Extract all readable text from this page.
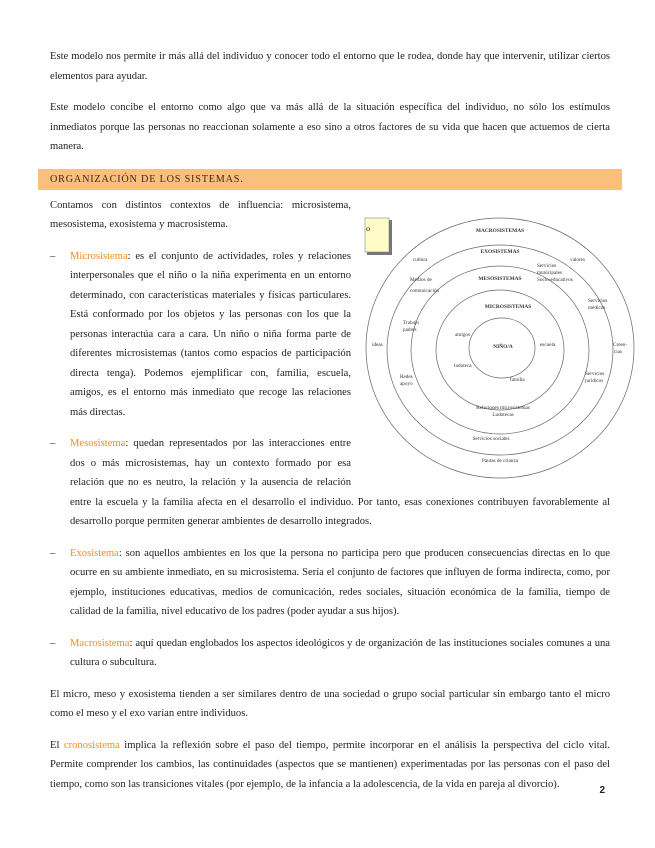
Este modelo nos permite ir más allá del individuo y conocer todo el entorno que le rodea, donde hay que intervenir, utilizar ciertos elementos para ayudar.

Este modelo concibe el entorno como algo que va más allá de la situación específica del individuo, no sólo los estímulos inmediatos porque las personas no reaccionan solamente a eso sino a otros factores de su vida que hacen que actuemos de cierta manera.

ORGANIZACIÓN DE LOS SISTEMAS.
O	MACROSISTEMAS
EXOSISTEMAS
MESOSISTEMAS
MICROSISTEMAS
NIÑO/A
cultura	valores
Medios de
comunicación
Servicios
municipales
Socio-educativos
Servicios
médicos
Trabajo
padres
ideas	Creen-
cias
amigos
escuela
ludoteca
familia
Redes
apoyo
Servicios
jurídicos
Relaciones microsistemas
Ludotecas
Servicios sociales
Pautas de crianza

Contamos con distintos contextos de influencia: microsistema, mesosistema, exosistema y macrosistema.

– Microsistema: es el conjunto de actividades, roles y relaciones interpersonales que el niño o la niña experimenta en un entorno determinado, con características materiales y físicas particulares. Está conformado por los objetos y las personas con los que la personas interactúa cara a cara. Un niño o niña forma parte de diferentes microsistemas (tantos como espacios de participación directa tenga). Podemos ejemplificar con, familia, escuela, amigos, es el entorno más inmediato que recoge las relaciones más directas.
– Mesosistema: quedan representados por las interacciones entre dos o más microsistemas, hay un contexto formado por esa relación que no es neutro, la relación y la ausencia de relación entre la escuela y la familia afecta en el desarrollo el individuo. Por tanto, esas conexiones contribuyen favorablemente al desarrollo porque permiten generar ambientes de desarrollo integrados.
– Exosistema: son aquellos ambientes en los que la persona no participa pero que producen consecuencias directas en lo que ocurre en su ambiente inmediato, en su microsistema. Sería el conjunto de factores que influyen de forma indirecta, como, por ejemplo, instituciones educativas, medios de comunicación, redes sociales, situación económica de la familia, tiempo de calidad de la familia, nivel educativo de los padres (poder ayudar a sus hijos).
– Macrosistema: aquí quedan englobados los aspectos ideológicos y de organización de las instituciones sociales comunes a una cultura o subcultura.

El micro, meso y exosistema tienden a ser similares dentro de una sociedad o grupo social particular sin embargo tanto el micro como el meso y el exo varían entre individuos.

El cronosistema implica la reflexión sobre el paso del tiempo, permite incorporar en el análisis la perspectiva del ciclo vital. Permite comprender los cambios, las continuidades (aspectos que se mantienen) experimentadas por las personas con el paso del tiempo, como son las transiciones vitales (por ejemplo, de la infancia a la adolescencia, de la vida en pareja al divorcio).

2
